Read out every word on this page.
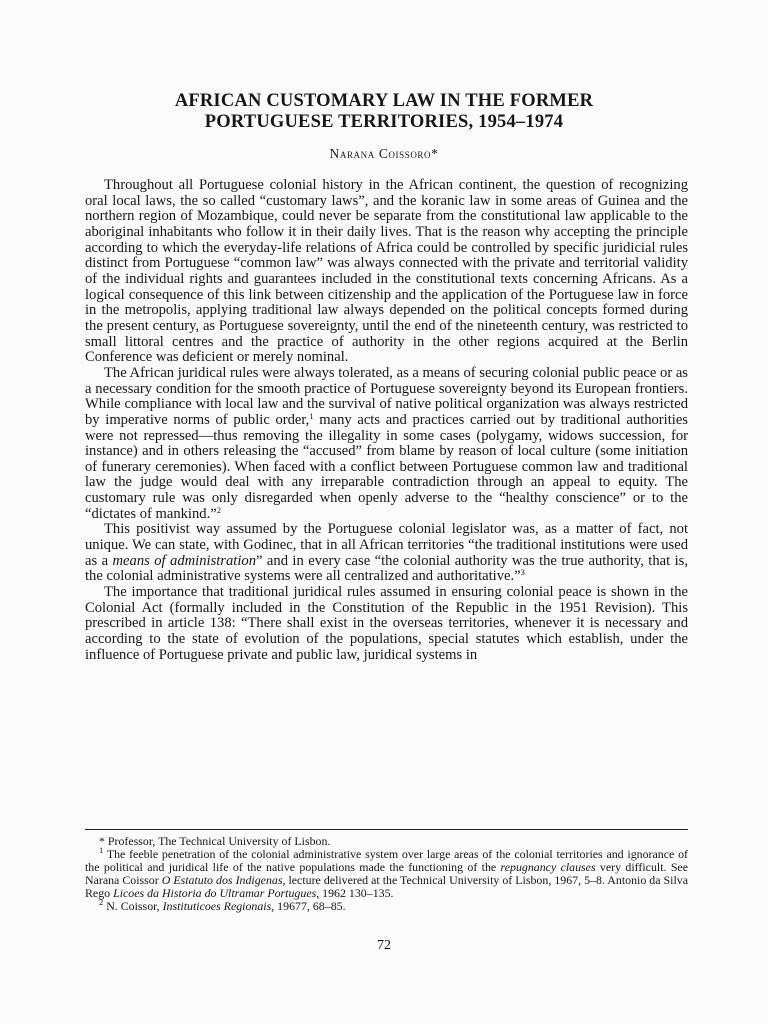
AFRICAN CUSTOMARY LAW IN THE FORMER
PORTUGUESE TERRITORIES, 1954–1974
Narana Coissoro*

Throughout all Portuguese colonial history in the African continent, the question of recognizing oral local laws, the so called “customary laws”, and the koranic law in some areas of Guinea and the northern region of Mozambique, could never be separate from the constitutional law applicable to the aboriginal inhabitants who follow it in their daily lives. That is the reason why accepting the principle according to which the everyday-life relations of Africa could be controlled by specific juridicial rules distinct from Portuguese “common law” was always connected with the private and territorial validity of the individual rights and guarantees included in the constitutional texts concerning Africans. As a logical consequence of this link between citizenship and the application of the Portuguese law in force in the metropolis, applying traditional law always depended on the political concepts formed during the present century, as Portuguese sovereignty, until the end of the nineteenth century, was restricted to small littoral centres and the practice of authority in the other regions acquired at the Berlin Conference was deficient or merely nominal.

The African juridical rules were always tolerated, as a means of securing colonial public peace or as a necessary condition for the smooth practice of Portuguese sovereignty beyond its European frontiers. While compliance with local law and the survival of native political organization was always restricted by imperative norms of public order,$^1$ many acts and practices carried out by traditional authorities were not repressed—thus removing the illegality in some cases (polygamy, widows succession, for instance) and in others releasing the “accused” from blame by reason of local culture (some initiation of funerary ceremonies). When faced with a conflict between Portuguese common law and traditional law the judge would deal with any irreparable contradiction through an appeal to equity. The customary rule was only disregarded when openly adverse to the “healthy conscience” or to the “dictates of mankind.”$^2$

This positivist way assumed by the Portuguese colonial legislator was, as a matter of fact, not unique. We can state, with Godinec, that in all African territories “the traditional institutions were used as a means of administration” and in every case “the colonial authority was the true authority, that is, the colonial administrative systems were all centralized and authoritative.”$^3$

The importance that traditional juridical rules assumed in ensuring colonial peace is shown in the Colonial Act (formally included in the Constitution of the Republic in the 1951 Revision). This prescribed in article 138: “There shall exist in the overseas territories, whenever it is necessary and according to the state of evolution of the populations, special statutes which establish, under the influence of Portuguese private and public law, juridical systems in

* Professor, The Technical University of Lisbon.

$^1$ The feeble penetration of the colonial administrative system over large areas of the colonial territories and ignorance of the political and juridical life of the native populations made the functioning of the repugnancy clauses very difficult. See Narana Coissor O Estatuto dos Indigenas, lecture delivered at the Technical University of Lisbon, 1967, 5–8. Antonio da Silva Rego Licoes da Historia do Ultramar Portugues, 1962 130–135.

$^2$ N. Coissor, Instituticoes Regionais, 19677, 68–85.

72
